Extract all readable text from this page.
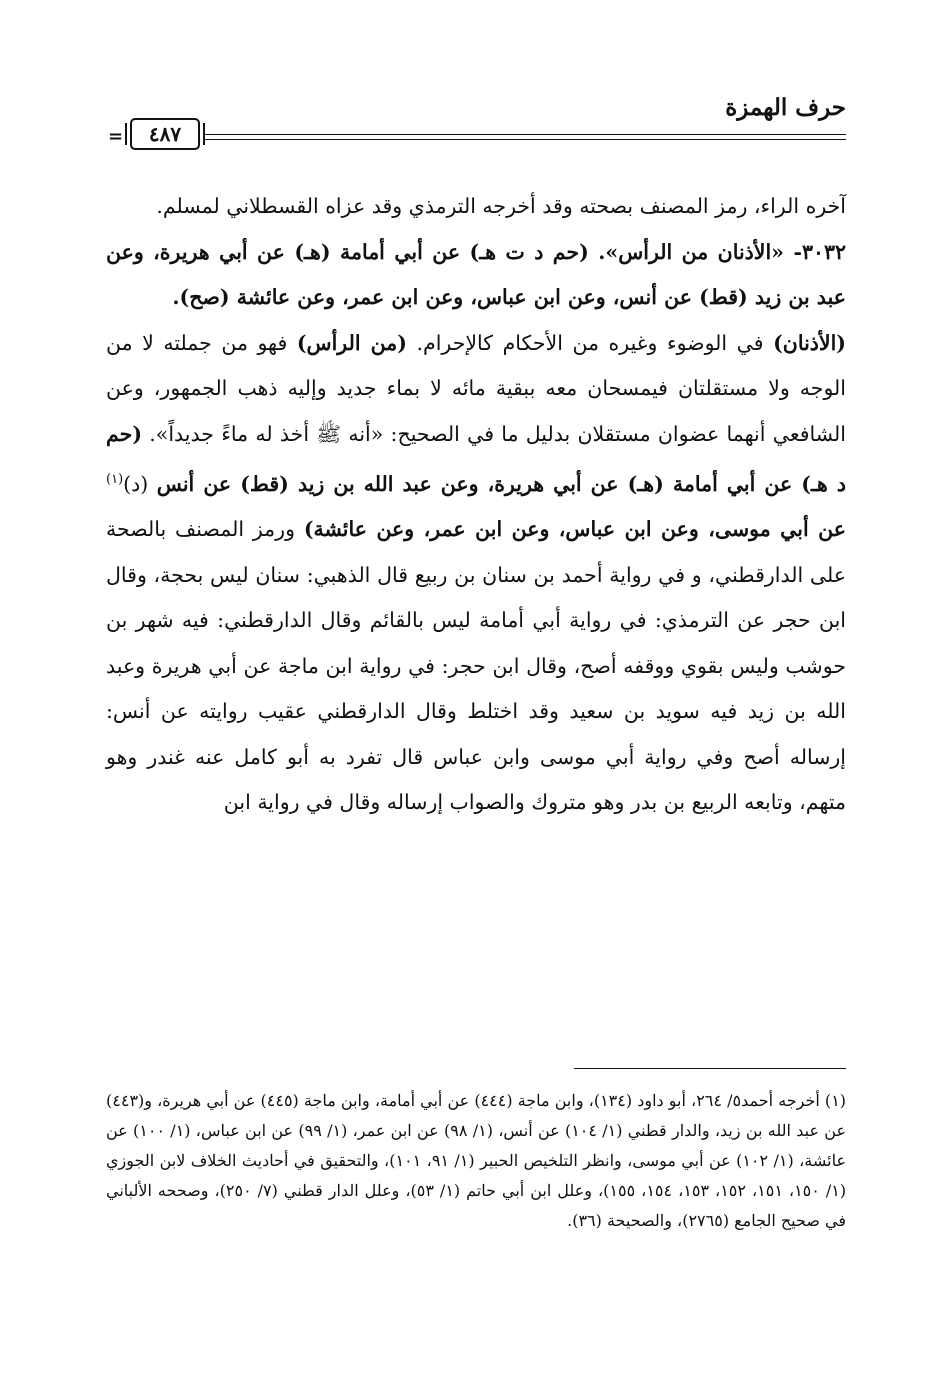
حرف الهمزة
= ٤٨٧

آخره الراء، رمز المصنف بصحته وقد أخرجه الترمذي وقد عزاه القسطلاني لمسلم.

٣٠٣٢- «الأذنان من الرأس». (حم د ت هـ) عن أبي أمامة (هـ) عن أبي هريرة، وعن عبد بن زيد (قط) عن أنس، وعن ابن عباس، وعن ابن عمر، وعن عائشة (صح).

(الأذنان) في الوضوء وغيره من الأحكام كالإحرام. (من الرأس) فهو من جملته لا من الوجه ولا مستقلتان فيمسحان معه ببقية مائه لا بماء جديد وإليه ذهب الجمهور، وعن الشافعي أنهما عضوان مستقلان بدليل ما في الصحيح: «أنه ﷺ أخذ له ماءً جديداً». (حم د هـ) عن أبي أمامة (هـ) عن أبي هريرة، وعن عبد الله بن زيد (قط) عن أنس (د)$^{(١)}$ عن أبي موسى، وعن ابن عباس، وعن ابن عمر، وعن عائشة) ورمز المصنف بالصحة على الدارقطني، و في رواية أحمد بن سنان بن ربيع قال الذهبي: سنان ليس بحجة، وقال ابن حجر عن الترمذي: في رواية أبي أمامة ليس بالقائم وقال الدارقطني: فيه شهر بن حوشب وليس بقوي ووقفه أصح، وقال ابن حجر: في رواية ابن ماجة عن أبي هريرة وعبد الله بن زيد فيه سويد بن سعيد وقد اختلط وقال الدارقطني عقيب روايته عن أنس: إرساله أصح وفي رواية أبي موسى وابن عباس قال تفرد به أبو كامل عنه غندر وهو متهم، وتابعه الربيع بن بدر وهو متروك والصواب إرساله وقال في رواية ابن

(١) أخرجه أحمد٥/ ٢٦٤، أبو داود (١٣٤)، وابن ماجة (٤٤٤) عن أبي أمامة، وابن ماجة (٤٤٥) عن أبي هريرة، و(٤٤٣) عن عبد الله بن زيد، والدار قطني (١/ ١٠٤) عن أنس، (١/ ٩٨) عن ابن عمر، (١/ ٩٩) عن ابن عباس، (١/ ١٠٠) عن عائشة، (١/ ١٠٢) عن أبي موسى، وانظر التلخيص الحبير (١/ ٩١، ١٠١)، والتحقيق في أحاديث الخلاف لابن الجوزي (١/ ١٥٠، ١٥١، ١٥٢، ١٥٣، ١٥٤، ١٥٥)، وعلل ابن أبي حاتم (١/ ٥٣)، وعلل الدار قطني (٧/ ٢٥٠)، وصححه الألباني في صحيح الجامع (٢٧٦٥)، والصحيحة (٣٦).
